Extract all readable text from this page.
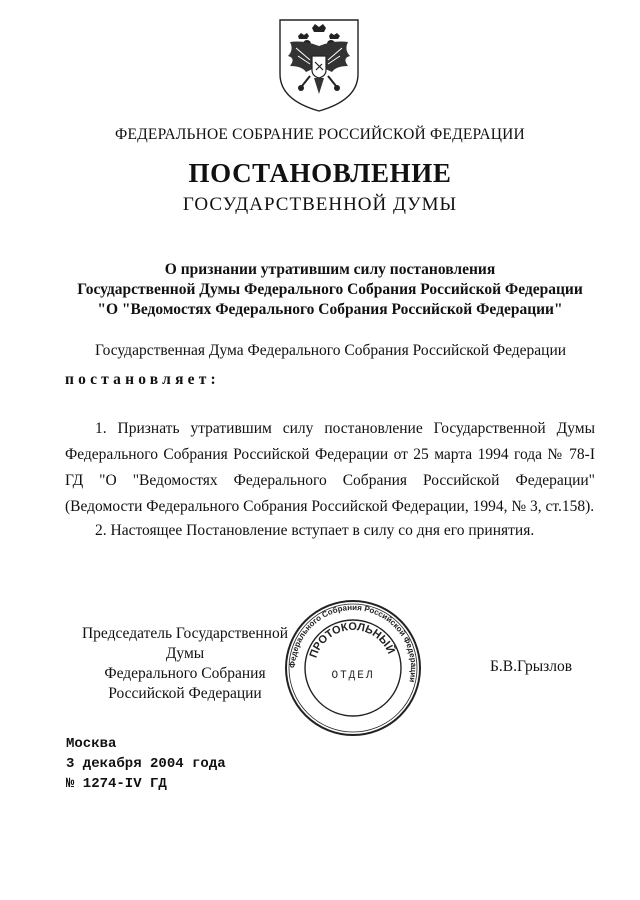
ФЕДЕРАЛЬНОЕ СОБРАНИЕ РОССИЙСКОЙ ФЕДЕРАЦИИ
ПОСТАНОВЛЕНИЕ
ГОСУДАРСТВЕННОЙ ДУМЫ
О признании утратившим силу постановления
Государственной Думы Федерального Собрания Российской Федерации
"О "Ведомостях Федерального Собрания Российской Федерации"
Государственная Дума Федерального Собрания Российской Федерации
постановляет:
1. Признать утратившим силу постановление Государственной Думы Федерального Собрания Российской Федерации от 25 марта 1994 года № 78-I ГД "О "Ведомостях Федерального Собрания Российской Федерации" (Ведомости Федерального Собрания Российской Федерации, 1994, № 3, ст.158).
2. Настоящее Постановление вступает в силу со дня его принятия.
Председатель Государственной Думы
Федерального Собрания
Российской Федерации
Федерального Собрания Российской Федерации
ПРОТОКОЛЬНЫЙ
ОТДЕЛ
Б.В.Грызлов
Москва
3 декабря 2004 года
№ 1274-IV ГД
